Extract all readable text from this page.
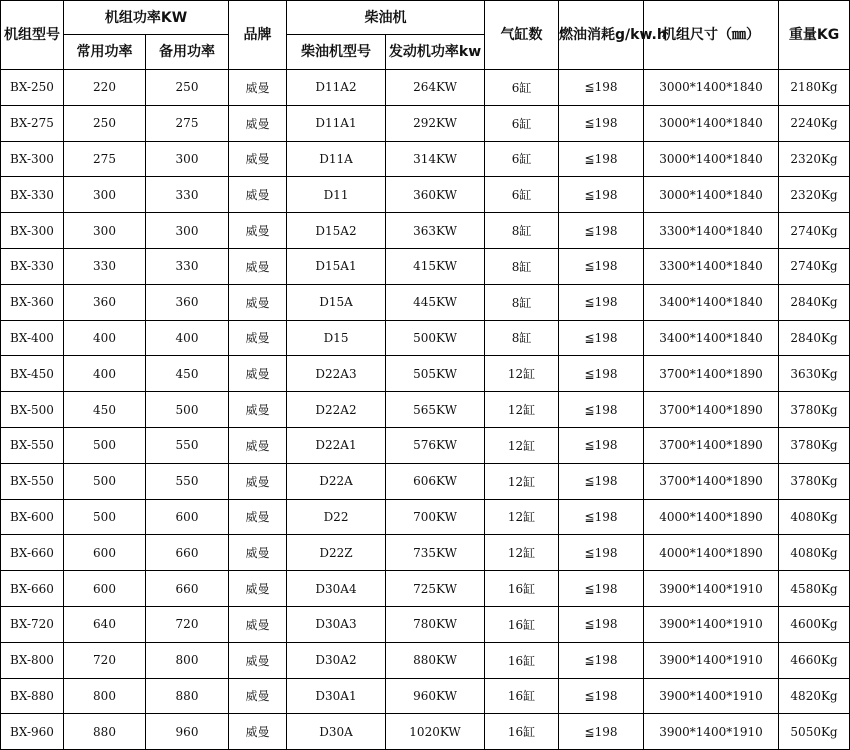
机组型号	机组功率KW		品牌	柴油机		气缸数	燃油消耗g/kw.h	机组尺寸（㎜）	重量KG
	常用功率	备用功率		柴油机型号	发动机功率kw				
BX-250	220	250	威曼	D11A2	264KW	6缸	≦198	3000*1400*1840	2180Kg
BX-275	250	275	威曼	D11A1	292KW	6缸	≦198	3000*1400*1840	2240Kg
BX-300	275	300	威曼	D11A	314KW	6缸	≦198	3000*1400*1840	2320Kg
BX-330	300	330	威曼	D11	360KW	6缸	≦198	3000*1400*1840	2320Kg
BX-300	300	300	威曼	D15A2	363KW	8缸	≦198	3300*1400*1840	2740Kg
BX-330	330	330	威曼	D15A1	415KW	8缸	≦198	3300*1400*1840	2740Kg
BX-360	360	360	威曼	D15A	445KW	8缸	≦198	3400*1400*1840	2840Kg
BX-400	400	400	威曼	D15	500KW	8缸	≦198	3400*1400*1840	2840Kg
BX-450	400	450	威曼	D22A3	505KW	12缸	≦198	3700*1400*1890	3630Kg
BX-500	450	500	威曼	D22A2	565KW	12缸	≦198	3700*1400*1890	3780Kg
BX-550	500	550	威曼	D22A1	576KW	12缸	≦198	3700*1400*1890	3780Kg
BX-550	500	550	威曼	D22A	606KW	12缸	≦198	3700*1400*1890	3780Kg
BX-600	500	600	威曼	D22	700KW	12缸	≦198	4000*1400*1890	4080Kg
BX-660	600	660	威曼	D22Z	735KW	12缸	≦198	4000*1400*1890	4080Kg
BX-660	600	660	威曼	D30A4	725KW	16缸	≦198	3900*1400*1910	4580Kg
BX-720	640	720	威曼	D30A3	780KW	16缸	≦198	3900*1400*1910	4600Kg
BX-800	720	800	威曼	D30A2	880KW	16缸	≦198	3900*1400*1910	4660Kg
BX-880	800	880	威曼	D30A1	960KW	16缸	≦198	3900*1400*1910	4820Kg
BX-960	880	960	威曼	D30A	1020KW	16缸	≦198	3900*1400*1910	5050Kg
